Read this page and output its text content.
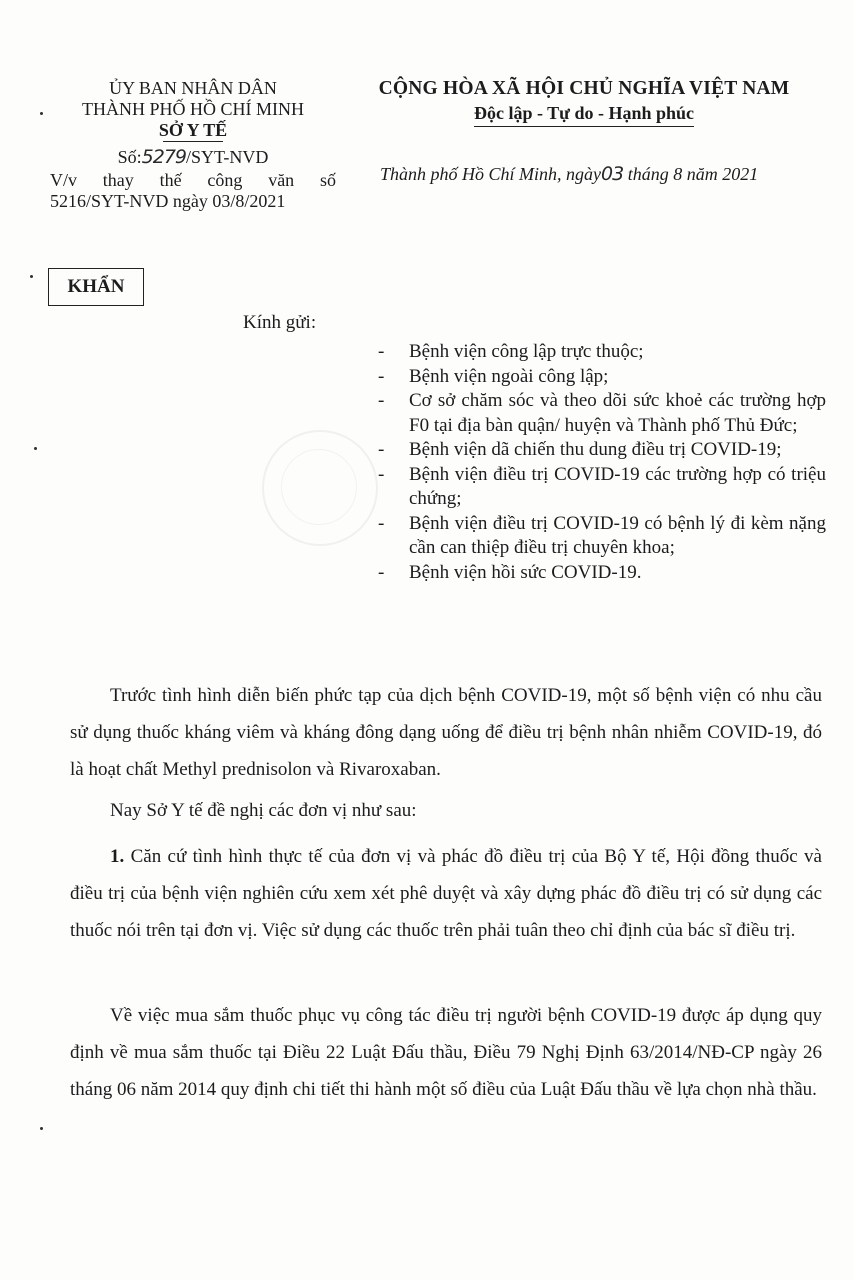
ỦY BAN NHÂN DÂN
THÀNH PHỐ HỒ CHÍ MINH
SỞ Y TẾ
Số:5279/SYT-NVD
V/v thay thế công văn số
5216/SYT-NVD ngày 03/8/2021
CỘNG HÒA XÃ HỘI CHỦ NGHĨA VIỆT NAM
Độc lập - Tự do - Hạnh phúc
Thành phố Hồ Chí Minh, ngày03 tháng 8 năm 2021
KHẨN
Kính gửi:
-	Bệnh viện công lập trực thuộc;
-	Bệnh viện ngoài công lập;
-	Cơ sở chăm sóc và theo dõi sức khoẻ các trường hợp F0 tại địa bàn quận/ huyện và Thành phố Thủ Đức;
-	Bệnh viện dã chiến thu dung điều trị COVID-19;
-	Bệnh viện điều trị COVID-19 các trường hợp có triệu chứng;
-	Bệnh viện điều trị COVID-19 có bệnh lý đi kèm nặng cần can thiệp điều trị chuyên khoa;
-	Bệnh viện hồi sức COVID-19.
Trước tình hình diễn biến phức tạp của dịch bệnh COVID-19, một số bệnh viện có nhu cầu sử dụng thuốc kháng viêm và kháng đông dạng uống để điều trị bệnh nhân nhiễm COVID-19, đó là hoạt chất Methyl prednisolon và Rivaroxaban.
Nay Sở Y tế đề nghị các đơn vị như sau:
1. Căn cứ tình hình thực tế của đơn vị và phác đồ điều trị của Bộ Y tế, Hội đồng thuốc và điều trị của bệnh viện nghiên cứu xem xét phê duyệt và xây dựng phác đồ điều trị có sử dụng các thuốc nói trên tại đơn vị. Việc sử dụng các thuốc trên phải tuân theo chỉ định của bác sĩ điều trị.
Về việc mua sắm thuốc phục vụ công tác điều trị người bệnh COVID-19 được áp dụng quy định về mua sắm thuốc tại Điều 22 Luật Đấu thầu, Điều 79 Nghị Định 63/2014/NĐ-CP ngày 26 tháng 06 năm 2014 quy định chi tiết thi hành một số điều của Luật Đấu thầu về lựa chọn nhà thầu.
